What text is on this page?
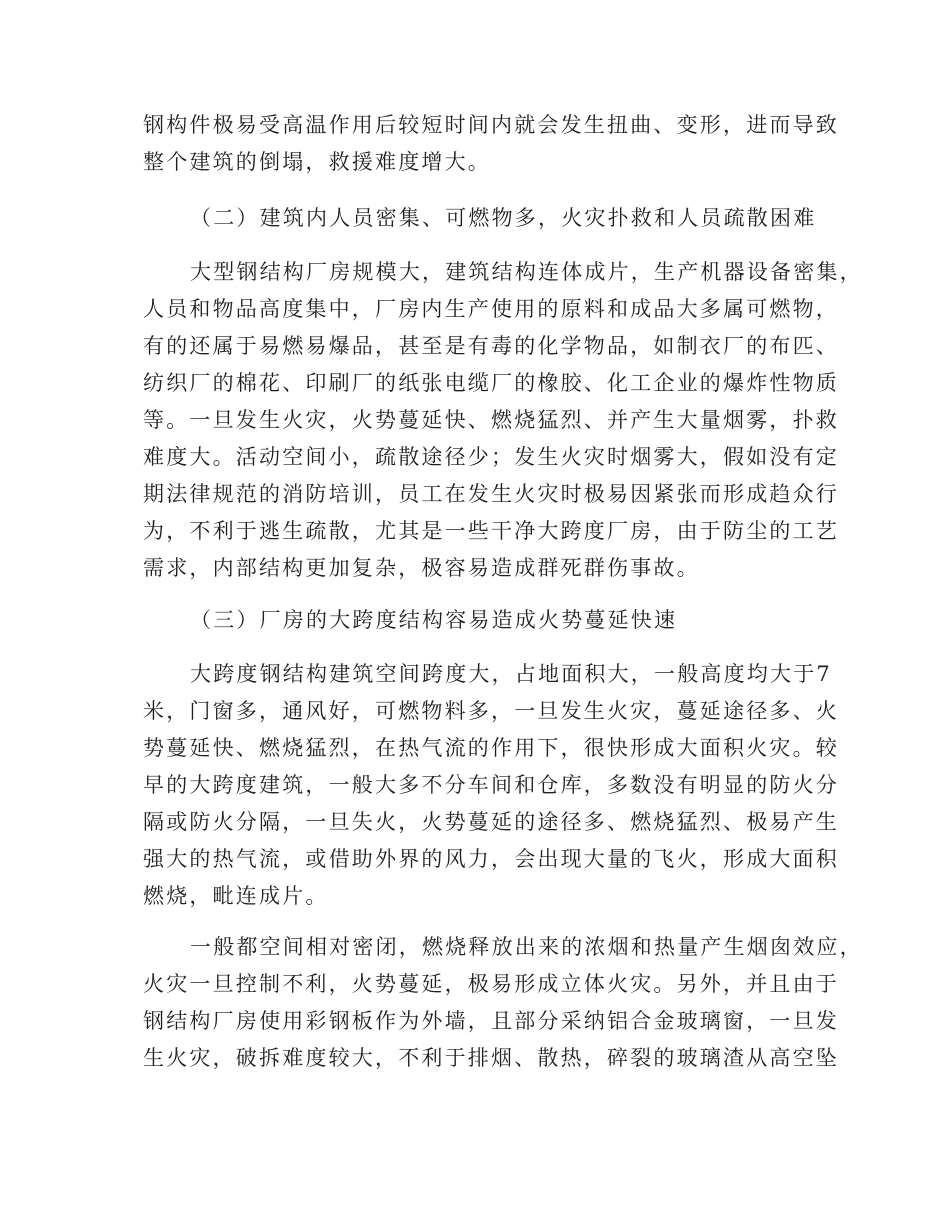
钢构件极易受高温作用后较短时间内就会发生扭曲、变形，进而导致
整个建筑的倒塌，救援难度增大。
（二）建筑内人员密集、可燃物多，火灾扑救和人员疏散困难
大型钢结构厂房规模大，建筑结构连体成片，生产机器设备密集，
人员和物品高度集中，厂房内生产使用的原料和成品大多属可燃物，
有的还属于易燃易爆品，甚至是有毒的化学物品，如制衣厂的布匹、
纺织厂的棉花、印刷厂的纸张电缆厂的橡胶、化工企业的爆炸性物质
等。一旦发生火灾，火势蔓延快、燃烧猛烈、并产生大量烟雾，扑救
难度大。活动空间小，疏散途径少；发生火灾时烟雾大，假如没有定
期法律规范的消防培训，员工在发生火灾时极易因紧张而形成趋众行
为，不利于逃生疏散，尤其是一些干净大跨度厂房，由于防尘的工艺
需求，内部结构更加复杂，极容易造成群死群伤事故。
（三）厂房的大跨度结构容易造成火势蔓延快速
大跨度钢结构建筑空间跨度大，占地面积大，一般高度均大于7
米，门窗多，通风好，可燃物料多，一旦发生火灾，蔓延途径多、火
势蔓延快、燃烧猛烈，在热气流的作用下，很快形成大面积火灾。较
早的大跨度建筑，一般大多不分车间和仓库，多数没有明显的防火分
隔或防火分隔，一旦失火，火势蔓延的途径多、燃烧猛烈、极易产生
强大的热气流，或借助外界的风力，会出现大量的飞火，形成大面积
燃烧，毗连成片。
一般都空间相对密闭，燃烧释放出来的浓烟和热量产生烟囱效应，
火灾一旦控制不利，火势蔓延，极易形成立体火灾。另外，并且由于
钢结构厂房使用彩钢板作为外墙，且部分采纳铝合金玻璃窗，一旦发
生火灾，破拆难度较大，不利于排烟、散热，碎裂的玻璃渣从高空坠
